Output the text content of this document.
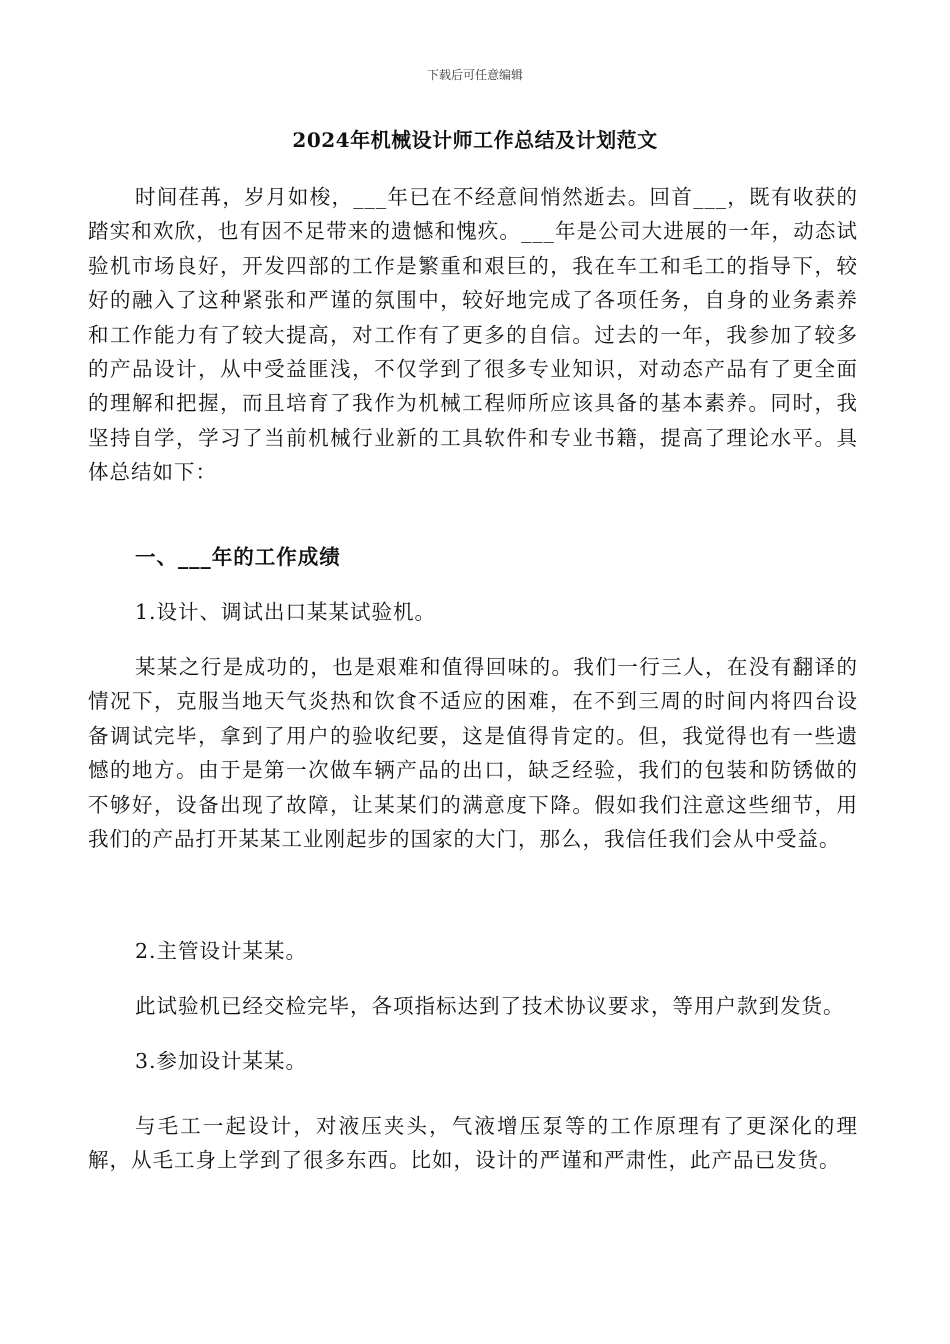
下载后可任意编辑
2024年机械设计师工作总结及计划范文

时间荏苒，岁月如梭，___年已在不经意间悄然逝去。回首___，既有收获的踏实和欢欣，也有因不足带来的遗憾和愧疚。___年是公司大进展的一年，动态试验机市场良好，开发四部的工作是繁重和艰巨的，我在车工和毛工的指导下，较好的融入了这种紧张和严谨的氛围中，较好地完成了各项任务，自身的业务素养和工作能力有了较大提高，对工作有了更多的自信。过去的一年，我参加了较多的产品设计，从中受益匪浅，不仅学到了很多专业知识，对动态产品有了更全面的理解和把握，而且培育了我作为机械工程师所应该具备的基本素养。同时，我坚持自学，学习了当前机械行业新的工具软件和专业书籍，提高了理论水平。具体总结如下：

一、___年的工作成绩

1.设计、调试出口某某试验机。

某某之行是成功的，也是艰难和值得回味的。我们一行三人，在没有翻译的情况下，克服当地天气炎热和饮食不适应的困难，在不到三周的时间内将四台设备调试完毕，拿到了用户的验收纪要，这是值得肯定的。但，我觉得也有一些遗憾的地方。由于是第一次做车辆产品的出口，缺乏经验，我们的包装和防锈做的不够好，设备出现了故障，让某某们的满意度下降。假如我们注意这些细节，用我们的产品打开某某工业刚起步的国家的大门，那么，我信任我们会从中受益。

2.主管设计某某。

此试验机已经交检完毕，各项指标达到了技术协议要求，等用户款到发货。

3.参加设计某某。

与毛工一起设计，对液压夹头，气液增压泵等的工作原理有了更深化的理解，从毛工身上学到了很多东西。比如，设计的严谨和严肃性，此产品已发货。
